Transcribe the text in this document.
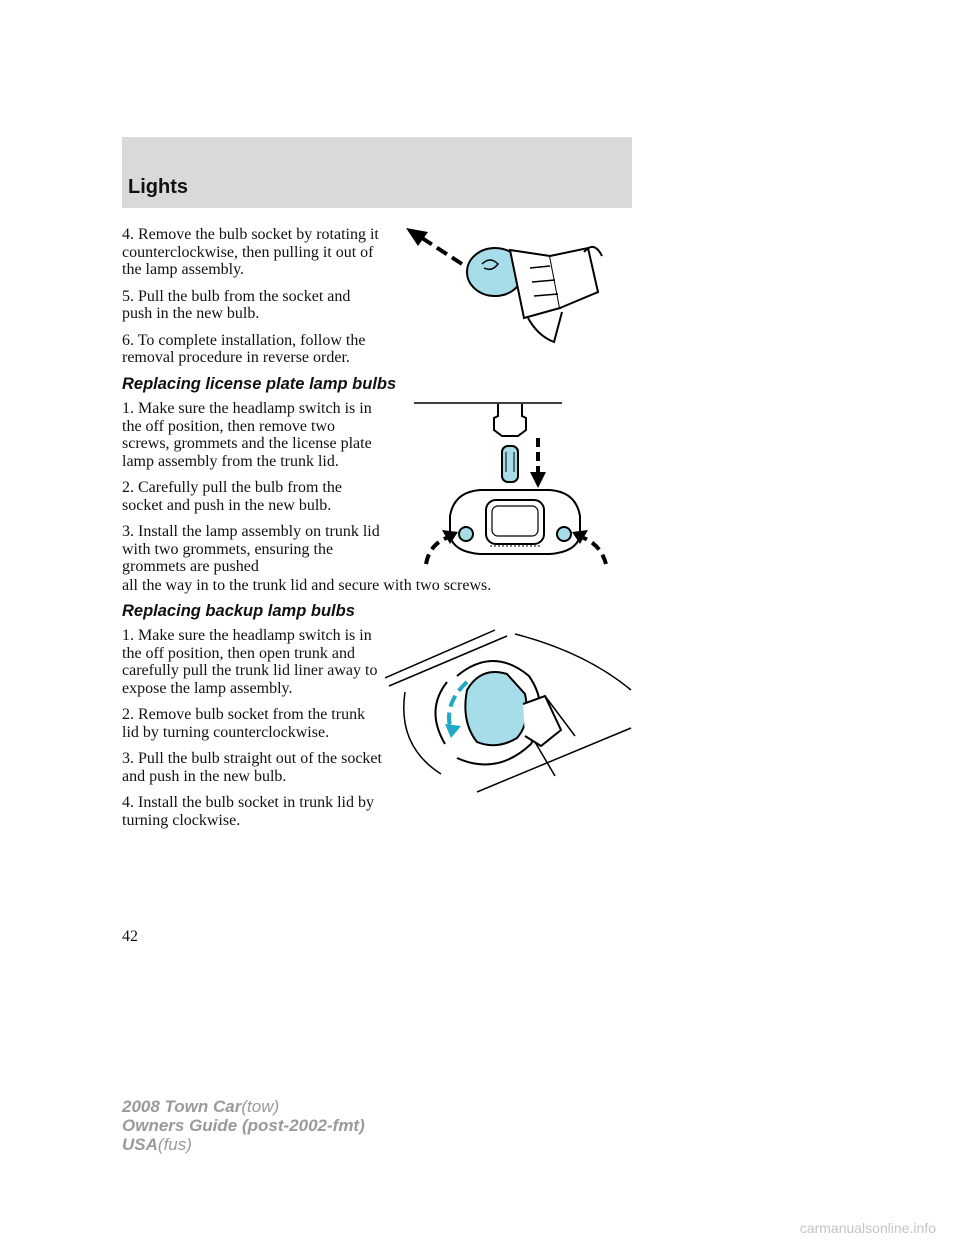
Lights

4. Remove the bulb socket by rotating it counterclockwise, then pulling it out of the lamp assembly.

5. Pull the bulb from the socket and push in the new bulb.

6. To complete installation, follow the removal procedure in reverse order.

Replacing license plate lamp bulbs

1. Make sure the headlamp switch is in the off position, then remove two screws, grommets and the license plate lamp assembly from the trunk lid.

2. Carefully pull the bulb from the socket and push in the new bulb.

3. Install the lamp assembly on trunk lid with two grommets, ensuring the grommets are pushed

all the way in to the trunk lid and secure with two screws.
Replacing backup lamp bulbs

1. Make sure the headlamp switch is in the off position, then open trunk and carefully pull the trunk lid liner away to expose the lamp assembly.

2. Remove bulb socket from the trunk lid by turning counterclockwise.

3. Pull the bulb straight out of the socket and push in the new bulb.

4. Install the bulb socket in trunk lid by turning clockwise.

42
2008 Town Car(tow)
Owners Guide (post-2002-fmt)
USA(fus)
carmanualsonline.info
